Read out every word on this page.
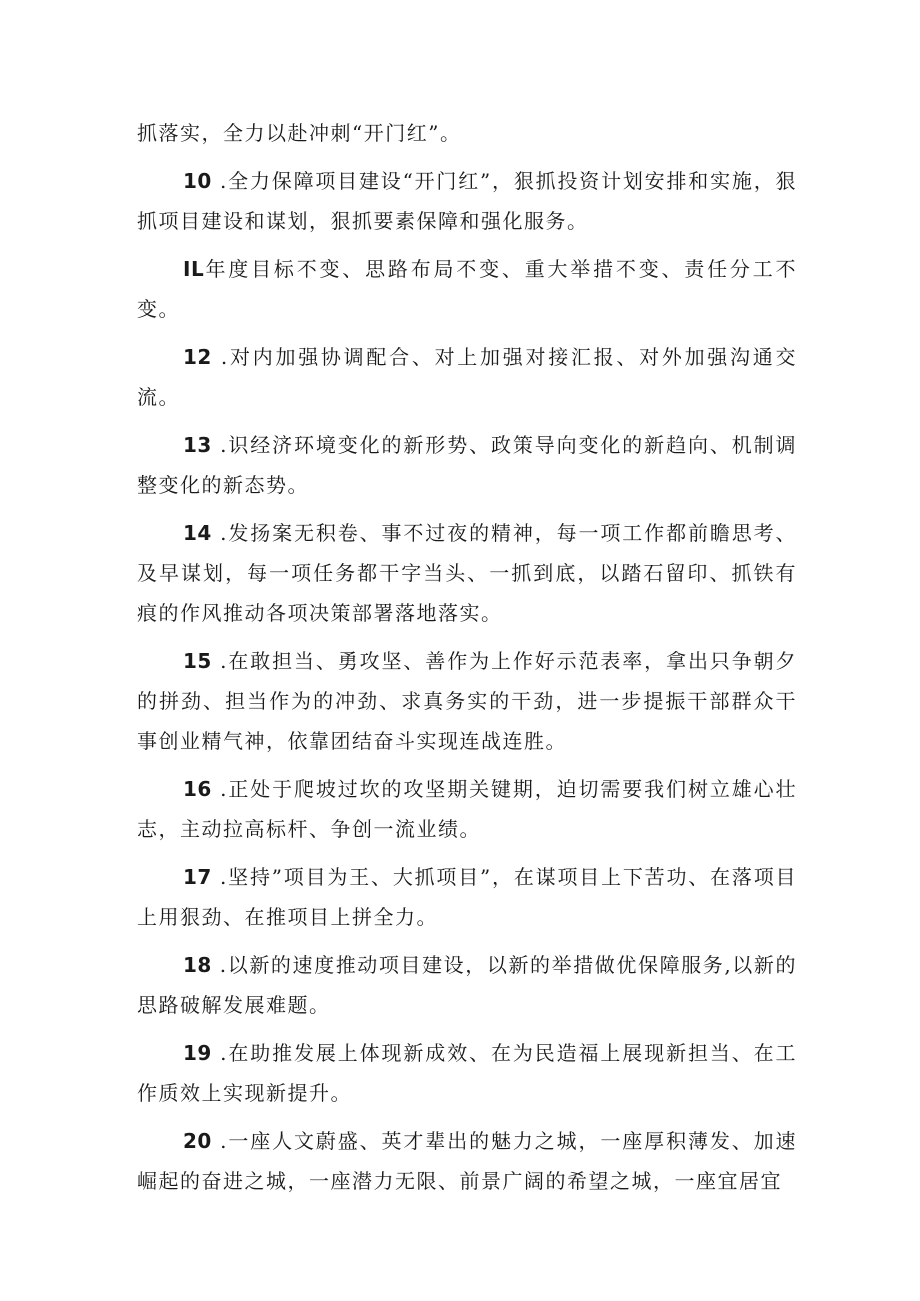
抓落实，全力以赴冲刺“开门红”。

10 .全力保障项目建设“开门红”，狠抓投资计划安排和实施，狠抓项目建设和谋划，狠抓要素保障和强化服务。

IL年度目标不变、思路布局不变、重大举措不变、责任分工不变。

12 .对内加强协调配合、对上加强对接汇报、对外加强沟通交流。

13 .识经济环境变化的新形势、政策导向变化的新趋向、机制调整变化的新态势。

14 .发扬案无积卷、事不过夜的精神，每一项工作都前瞻思考、及早谋划，每一项任务都干字当头、一抓到底，以踏石留印、抓铁有痕的作风推动各项决策部署落地落实。

15 .在敢担当、勇攻坚、善作为上作好示范表率，拿出只争朝夕的拼劲、担当作为的冲劲、求真务实的干劲，进一步提振干部群众干事创业精气神，依靠团结奋斗实现连战连胜。

16 .正处于爬坡过坎的攻坚期关键期，迫切需要我们树立雄心壮志，主动拉高标杆、争创一流业绩。

17 .坚持”项目为王、大抓项目”，在谋项目上下苦功、在落项目上用狠劲、在推项目上拼全力。

18 .以新的速度推动项目建设，以新的举措做优保障服务,以新的思路破解发展难题。

19 .在助推发展上体现新成效、在为民造福上展现新担当、在工作质效上实现新提升。

20 .一座人文蔚盛、英才辈出的魅力之城，一座厚积薄发、加速崛起的奋进之城，一座潜力无限、前景广阔的希望之城，一座宜居宜
